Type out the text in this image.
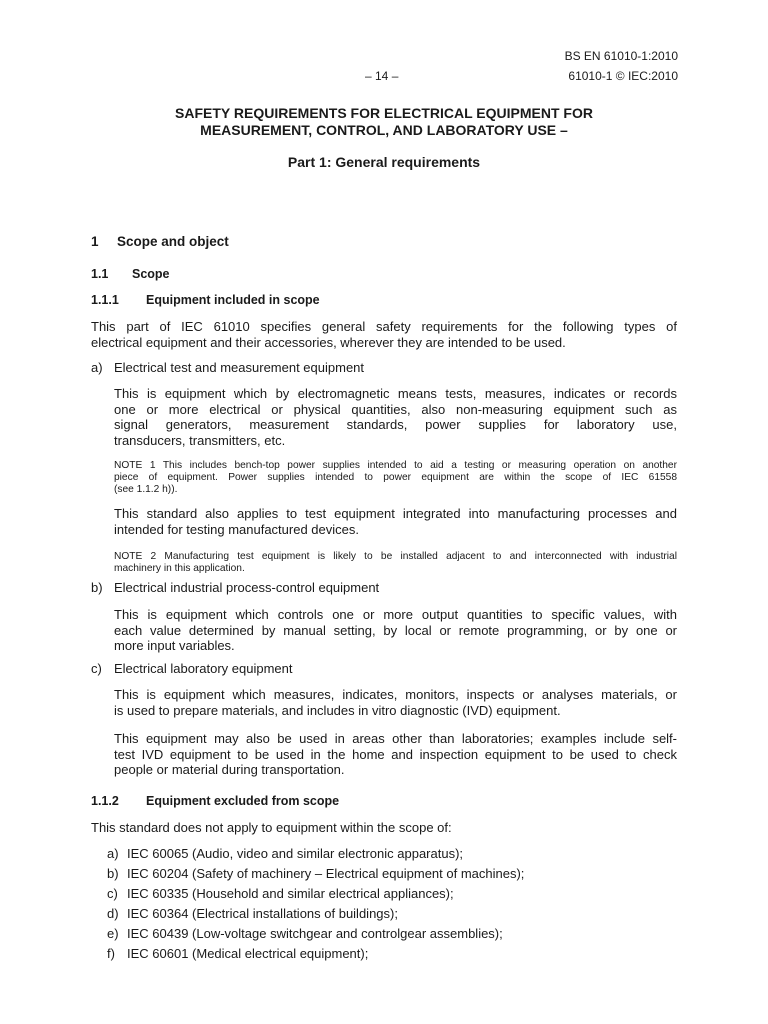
BS EN 61010-1:2010
– 14 –	61010-1 © IEC:2010
SAFETY REQUIREMENTS FOR ELECTRICAL EQUIPMENT FOR
MEASUREMENT, CONTROL, AND LABORATORY USE –
Part 1: General requirements
1 Scope and object
1.1 Scope
1.1.1 Equipment included in scope
This part of IEC 61010 specifies general safety requirements for the following types of
electrical equipment and their accessories, wherever they are intended to be used.
a) Electrical test and measurement equipment
This is equipment which by electromagnetic means tests, measures, indicates or records
one or more electrical or physical quantities, also non-measuring equipment such as
signal generators, measurement standards, power supplies for laboratory use,
transducers, transmitters, etc.
NOTE 1 This includes bench-top power supplies intended to aid a testing or measuring operation on another
piece of equipment. Power supplies intended to power equipment are within the scope of IEC 61558
(see 1.1.2 h)).
This standard also applies to test equipment integrated into manufacturing processes and
intended for testing manufactured devices.
NOTE 2 Manufacturing test equipment is likely to be installed adjacent to and interconnected with industrial
machinery in this application.
b) Electrical industrial process-control equipment
This is equipment which controls one or more output quantities to specific values, with
each value determined by manual setting, by local or remote programming, or by one or
more input variables.
c) Electrical laboratory equipment
This is equipment which measures, indicates, monitors, inspects or analyses materials, or
is used to prepare materials, and includes in vitro diagnostic (IVD) equipment.
This equipment may also be used in areas other than laboratories; examples include self-
test IVD equipment to be used in the home and inspection equipment to be used to check
people or material during transportation.
1.1.2 Equipment excluded from scope
This standard does not apply to equipment within the scope of:
a) IEC 60065 (Audio, video and similar electronic apparatus);
b) IEC 60204 (Safety of machinery – Electrical equipment of machines);
c) IEC 60335 (Household and similar electrical appliances);
d) IEC 60364 (Electrical installations of buildings);
e) IEC 60439 (Low-voltage switchgear and controlgear assemblies);
f) IEC 60601 (Medical electrical equipment);
